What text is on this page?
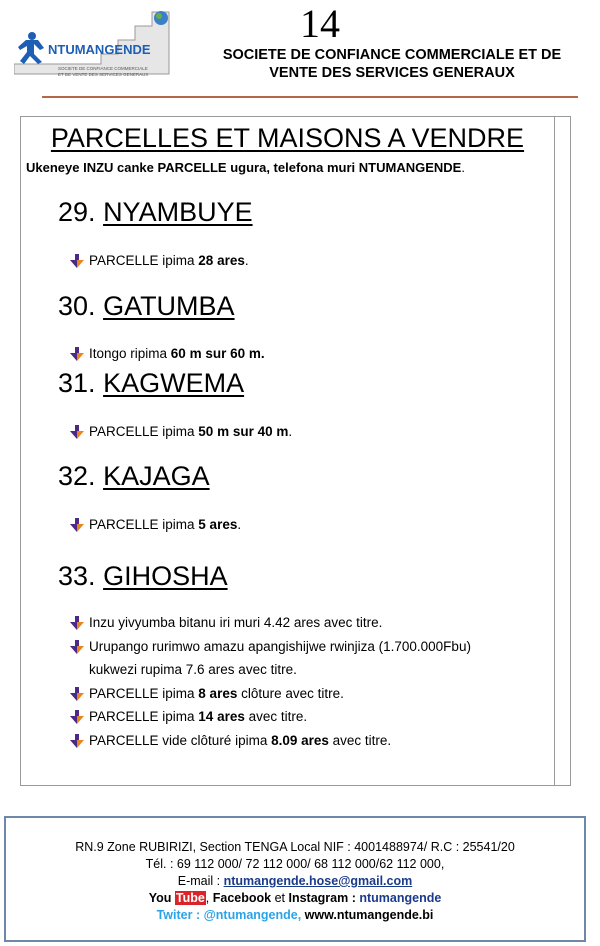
NTUMANGENDE
SOCIETE DE CONFIANCE COMMERCIALE
ET DE VENTE DES SERVICES GENERAUX
14
SOCIETE DE CONFIANCE COMMERCIALE ET DE
VENTE DES SERVICES GENERAUX
PARCELLES ET MAISONS A VENDRE
Ukeneye INZU canke PARCELLE ugura, telefona muri NTUMANGENDE.
29. NYAMBUYE
PARCELLE ipima 28 ares.
30. GATUMBA
Itongo ripima 60 m sur 60 m.
31. KAGWEMA
PARCELLE ipima 50 m sur 40 m.
32. KAJAGA
PARCELLE ipima 5 ares.
33. GIHOSHA
Inzu yivyumba bitanu iri muri 4.42 ares avec titre.
Urupango rurimwo amazu apangishijwe rwinjiza (1.700.000Fbu)
kukwezi rupima 7.6 ares avec titre.
PARCELLE ipima 8 ares clôture avec titre.
PARCELLE ipima 14 ares avec titre.
PARCELLE vide clôturé ipima 8.09 ares avec titre.
RN.9 Zone RUBIRIZI, Section TENGA Local NIF : 4001488974/ R.C : 25541/20
Tél. : 69 112 000/ 72 112 000/ 68 112 000/62 112 000,
E-mail : ntumangende.hose@gmail.com
You Tube, Facebook et Instagram : ntumangende
Twiter : @ntumangende, www.ntumangende.bi
